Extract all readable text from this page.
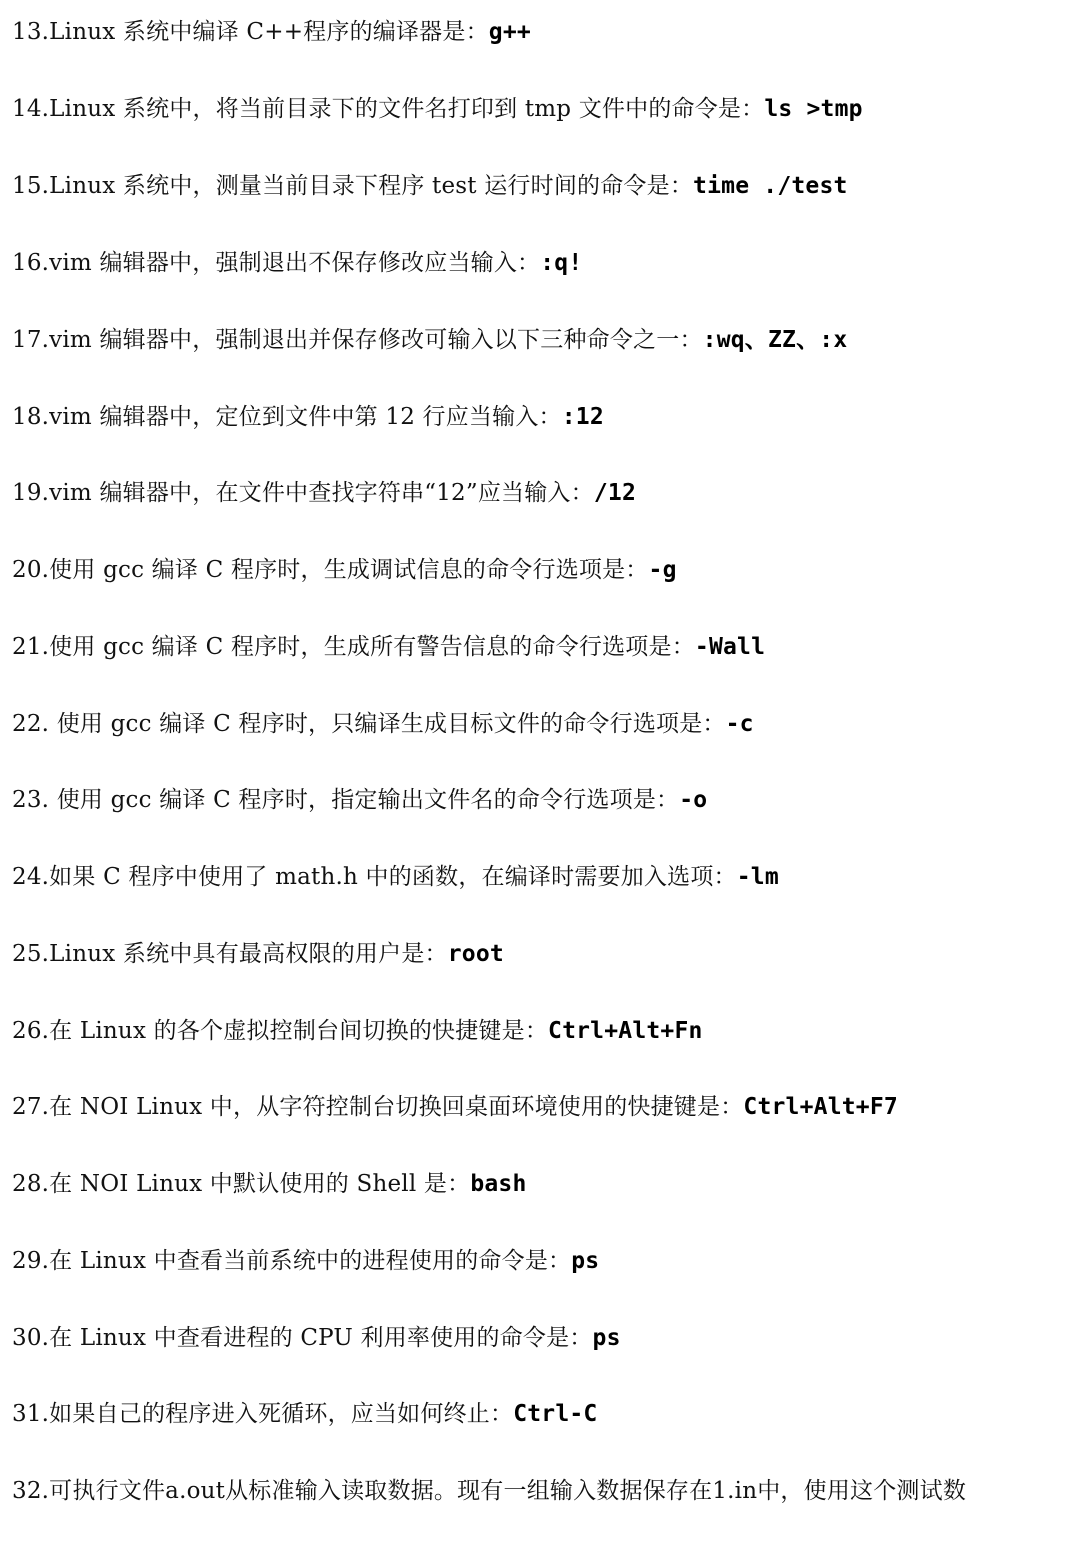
13.Linux 系统中编译 C++程序的编译器是：g++
14.Linux 系统中，将当前目录下的文件名打印到 tmp 文件中的命令是：ls >tmp
15.Linux 系统中，测量当前目录下程序 test 运行时间的命令是：time ./test
16.vim 编辑器中，强制退出不保存修改应当输入：:q!
17.vim 编辑器中，强制退出并保存修改可输入以下三种命令之一：:wq、ZZ、:x
18.vim 编辑器中，定位到文件中第 12 行应当输入：:12
19.vim 编辑器中，在文件中查找字符串“12”应当输入：/12
20.使用 gcc 编译 C 程序时，生成调试信息的命令行选项是：-g
21.使用 gcc 编译 C 程序时，生成所有警告信息的命令行选项是：-Wall
22. 使用 gcc 编译 C 程序时，只编译生成目标文件的命令行选项是：-c
23. 使用 gcc 编译 C 程序时，指定输出文件名的命令行选项是：-o
24.如果 C 程序中使用了 math.h 中的函数，在编译时需要加入选项：-lm
25.Linux 系统中具有最高权限的用户是：root
26.在 Linux 的各个虚拟控制台间切换的快捷键是：Ctrl+Alt+Fn
27.在 NOI Linux 中，从字符控制台切换回桌面环境使用的快捷键是：Ctrl+Alt+F7
28.在 NOI Linux 中默认使用的 Shell 是：bash
29.在 Linux 中查看当前系统中的进程使用的命令是：ps
30.在 Linux 中查看进程的 CPU 利用率使用的命令是：ps
31.如果自己的程序进入死循环，应当如何终止：Ctrl-C
32.可执行文件a.out从标准输入读取数据。现有一组输入数据保存在1.in中，使用这个测试数
